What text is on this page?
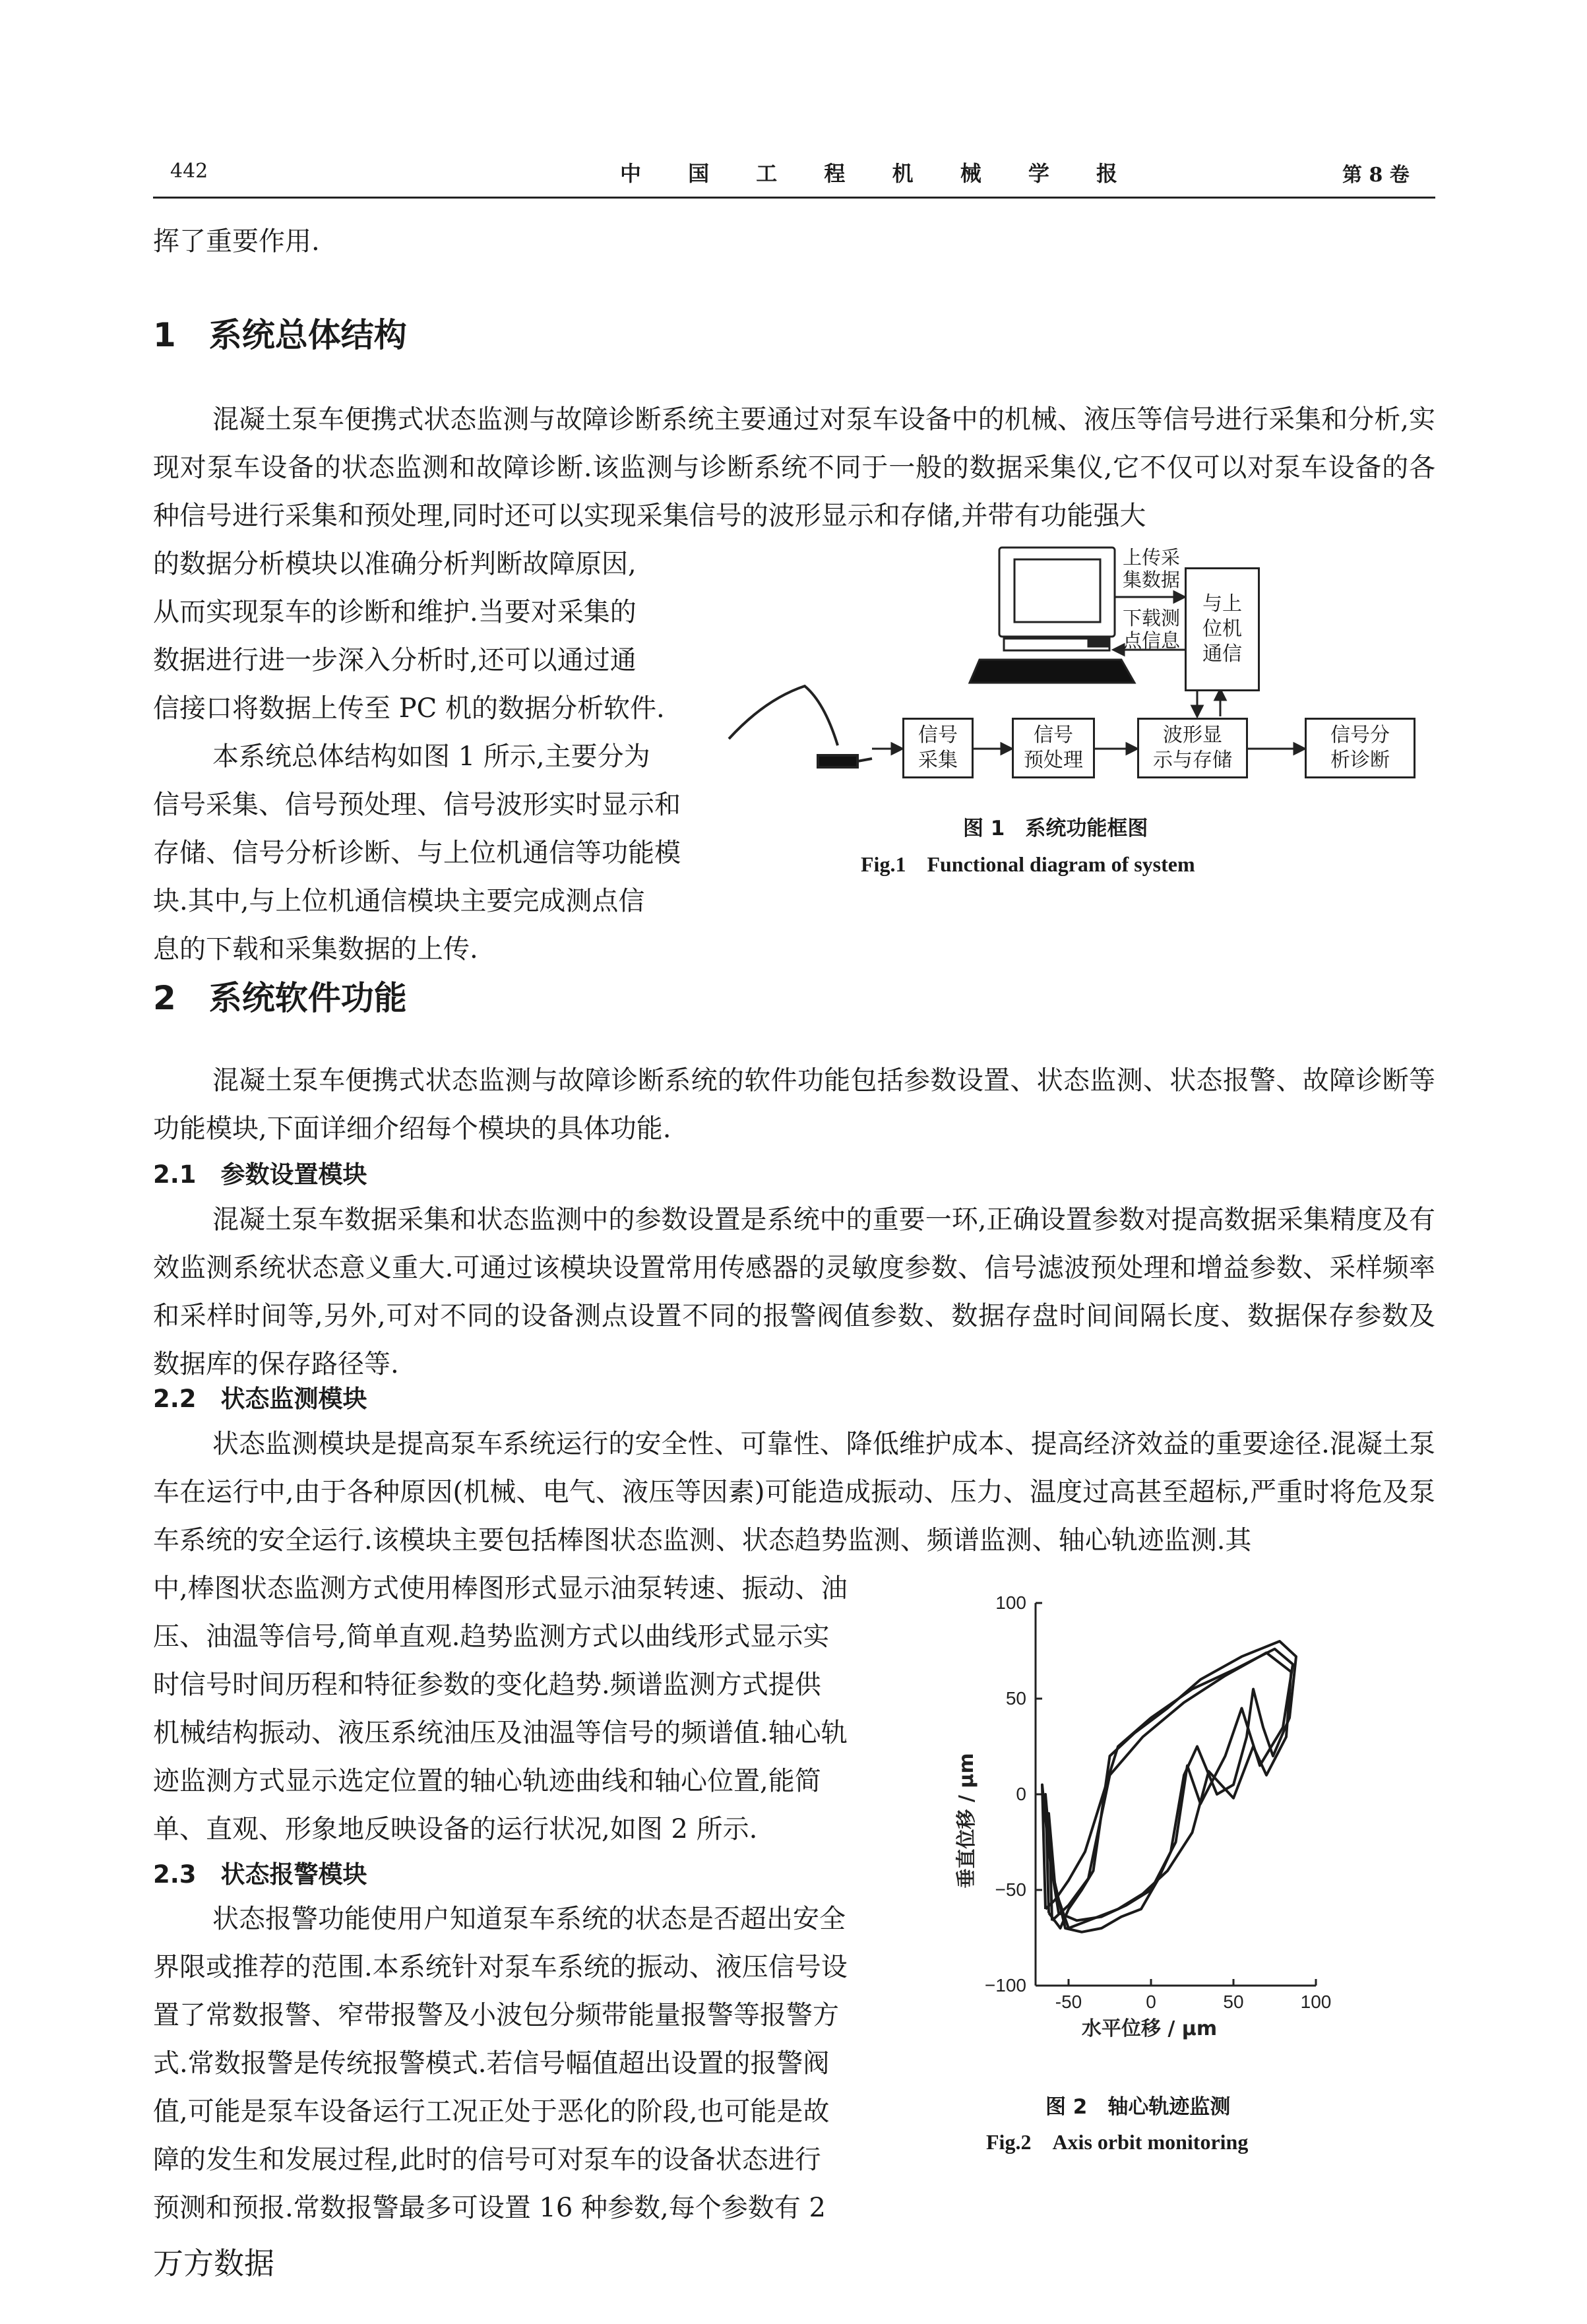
442	中 国 工 程 机 械 学 报	第 8 卷
挥了重要作用.
1　系统总体结构
混凝土泵车便携式状态监测与故障诊断系统主要通过对泵车设备中的机械、液压等信号进行采集和分析,实现对泵车设备的状态监测和故障诊断.该监测与诊断系统不同于一般的数据采集仪,它不仅可以对泵车设备的各种信号进行采集和预处理,同时还可以实现采集信号的波形显示和存储,并带有功能强大
的数据分析模块以准确分析判断故障原因,
从而实现泵车的诊断和维护.当要对采集的
数据进行进一步深入分析时,还可以通过通
信接口将数据上传至 PC 机的数据分析软件.
本系统总体结构如图 1 所示,主要分为
信号采集、信号预处理、信号波形实时显示和
存储、信号分析诊断、与上位机通信等功能模
块.其中,与上位机通信模块主要完成测点信
息的下载和采集数据的上传.
信号
采集
信号
预处理
波形显
示与存储
信号分
析诊断
与上
位机
通信
上传采
集数据
下载测
点信息
图 1　系统功能框图
Fig.1　Functional diagram of system
2　系统软件功能
混凝土泵车便携式状态监测与故障诊断系统的软件功能包括参数设置、状态监测、状态报警、故障诊断等功能模块,下面详细介绍每个模块的具体功能.
2.1　参数设置模块
混凝土泵车数据采集和状态监测中的参数设置是系统中的重要一环,正确设置参数对提高数据采集精度及有效监测系统状态意义重大.可通过该模块设置常用传感器的灵敏度参数、信号滤波预处理和增益参数、采样频率和采样时间等,另外,可对不同的设备测点设置不同的报警阀值参数、数据存盘时间间隔长度、数据保存参数及数据库的保存路径等.
2.2　状态监测模块
状态监测模块是提高泵车系统运行的安全性、可靠性、降低维护成本、提高经济效益的重要途径.混凝土泵车在运行中,由于各种原因(机械、电气、液压等因素)可能造成振动、压力、温度过高甚至超标,严重时将危及泵车系统的安全运行.该模块主要包括棒图状态监测、状态趋势监测、频谱监测、轴心轨迹监测.其
中,棒图状态监测方式使用棒图形式显示油泵转速、振动、油
压、油温等信号,简单直观.趋势监测方式以曲线形式显示实
时信号时间历程和特征参数的变化趋势.频谱监测方式提供
机械结构振动、液压系统油压及油温等信号的频谱值.轴心轨
迹监测方式显示选定位置的轴心轨迹曲线和轴心位置,能简
单、直观、形象地反映设备的运行状况,如图 2 所示.
2.3　状态报警模块
状态报警功能使用户知道泵车系统的状态是否超出安全
界限或推荐的范围.本系统针对泵车系统的振动、液压信号设
置了常数报警、窄带报警及小波包分频带能量报警等报警方
式.常数报警是传统报警模式.若信号幅值超出设置的报警阀
值,可能是泵车设备运行工况正处于恶化的阶段,也可能是故
障的发生和发展过程,此时的信号可对泵车的设备状态进行
预测和预报.常数报警最多可设置 16 种参数,每个参数有 2
100
50
0
−50
−100
-50	0	50	100
水平位移 / μm
垂直位移 / μm
图 2　轴心轨迹监测
Fig.2　Axis orbit monitoring
万方数据
